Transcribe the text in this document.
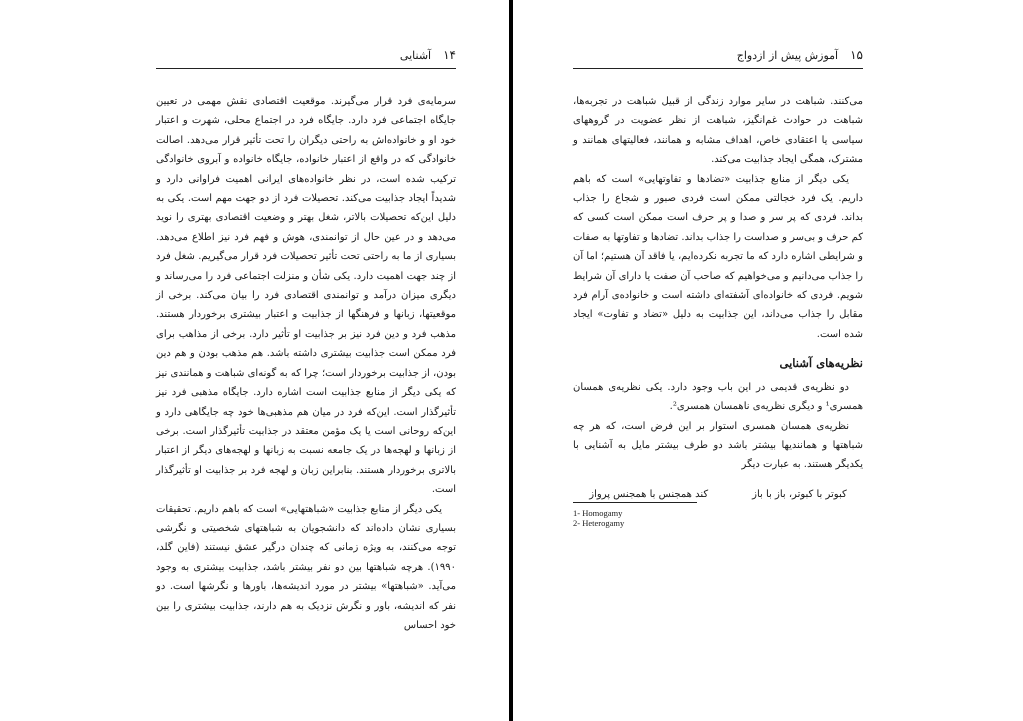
آشنایی ۱۴

سرمایه‌ی فرد قرار می‌گیرند. موقعیت اقتصادی نقش مهمی در تعیین جایگاه اجتماعی فرد دارد. جایگاه فرد در اجتماع محلی، شهرت و اعتبار خود او و خانواده‌اش به راحتی دیگران را تحت تأثیر قرار می‌دهد. اصالت خانوادگی که در واقع از اعتبار خانواده، جایگاه خانواده و آبروی خانوادگی ترکیب شده است، در نظر خانواده‌های ایرانی اهمیت فراوانی دارد و شدیداً ایجاد جذابیت می‌کند. تحصیلات فرد از دو جهت مهم است. یکی به دلیل این‌که تحصیلات بالاتر، شغل بهتر و وضعیت اقتصادی بهتری را نوید می‌دهد و در عین حال از توانمندی، هوش و فهم فرد نیز اطلاع می‌دهد. بسیاری از ما به راحتی تحت تأثیر تحصیلات فرد قرار می‌گیریم. شغل فرد از چند جهت اهمیت دارد. یکی شأن و منزلت اجتماعی فرد را می‌رساند و دیگری میزان درآمد و توانمندی اقتصادی فرد را بیان می‌کند. برخی از موقعیتها، زبانها و فرهنگها از جذابیت و اعتبار بیشتری برخوردار هستند. مذهب فرد و دین فرد نیز بر جذابیت او تأثیر دارد. برخی از مذاهب برای فرد ممکن است جذابیت بیشتری داشته باشد. هم مذهب بودن و هم دین بودن، از جذابیت برخوردار است؛ چرا که به گونه‌ای شباهت و همانندی نیز که یکی دیگر از منابع جذابیت است اشاره دارد. جایگاه مذهبی فرد نیز تأثیرگذار است. این‌که فرد در میان هم مذهبی‌ها خود چه جایگاهی دارد و این‌که روحانی است یا یک مؤمن معتقد در جذابیت تأثیرگذار است. برخی از زبانها و لهجه‌ها در یک جامعه نسبت به زبانها و لهجه‌های دیگر از اعتبار بالاتری برخوردار هستند. بنابراین زبان و لهجه فرد بر جذابیت او تأثیرگذار است.

یکی دیگر از منابع جذابیت «شباهتهایی» است که باهم داریم. تحقیقات بسیاری نشان داده‌اند که دانشجویان به شباهتهای شخصیتی و نگرشی توجه می‌کنند، به ویژه زمانی که چندان درگیر عشق نیستند (فاین گلد، ۱۹۹۰). هرچه شباهتها بین دو نفر بیشتر باشد، جذابیت بیشتری به وجود می‌آید. «شباهتها» بیشتر در مورد اندیشه‌ها، باورها و نگرشها است. دو نفر که اندیشه، باور و نگرش نزدیک به هم دارند، جذابیت بیشتری را بین خود احساس

۱۵
آموزش پیش از ازدواج

می‌کنند. شباهت در سایر موارد زندگی از قبیل شباهت در تجربه‌ها، شباهت در حوادث غم‌انگیز، شباهت از نظر عضویت در گروههای سیاسی یا اعتقادی خاص، اهداف مشابه و همانند، فعالیتهای همانند و مشترک، همگی ایجاد جذابیت می‌کند.

یکی دیگر از منابع جذابیت «تضادها و تفاوتهایی» است که باهم داریم. یک فرد خجالتی ممکن است فردی صبور و شجاع را جذاب بداند. فردی که پر سر و صدا و پر حرف است ممکن است کسی که کم حرف و بی‌سر و صداست را جذاب بداند. تضادها و تفاوتها به صفات و شرایطی اشاره دارد که ما تجربه نکرده‌ایم، یا فاقد آن هستیم؛ اما آن را جذاب می‌دانیم و می‌خواهیم که صاحب آن صفت یا دارای آن شرایط شویم. فردی که خانواده‌ای آشفته‌ای داشته است و خانواده‌ی آرام فرد مقابل را جذاب می‌داند، این جذابیت به دلیل «تضاد و تفاوت» ایجاد شده است.

نظریه‌های آشنایی

دو نظریه‌ی قدیمی در این باب وجود دارد. یکی نظریه‌ی همسان همسری¹ و دیگری نظریه‌ی ناهمسان همسری².

نظریه‌ی همسان همسری استوار بر این فرض است، که هر چه شباهتها و همانندیها بیشتر باشد دو طرف بیشتر مایل به آشنایی با یکدیگر هستند. به عبارت دیگر

کبوتر با کبوتر، باز با باز
کند همجنس با همجنس پرواز

1- Homogamy
2- Heterogamy
